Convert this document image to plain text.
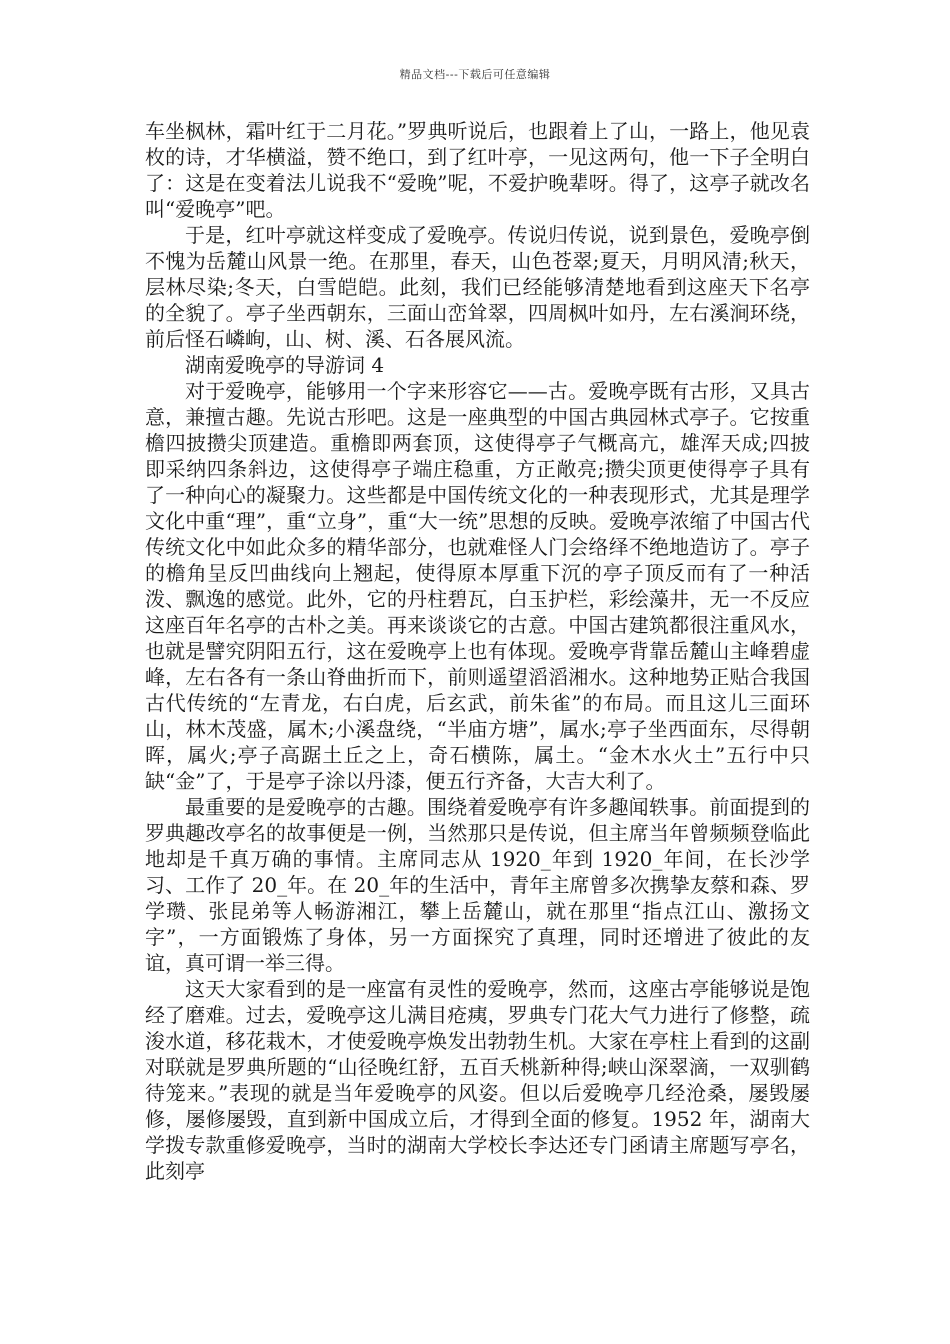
精品文档---下载后可任意编辑

车坐枫林，霜叶红于二月花。”罗典听说后，也跟着上了山，一路上，他见袁枚的诗，才华横溢，赞不绝口，到了红叶亭，一见这两句，他一下子全明白了：这是在变着法儿说我不“爱晚”呢，不爱护晚辈呀。得了，这亭子就改名叫“爱晚亭”吧。

于是，红叶亭就这样变成了爱晚亭。传说归传说，说到景色，爱晚亭倒不愧为岳麓山风景一绝。在那里，春天，山色苍翠;夏天，月明风清;秋天，层林尽染;冬天，白雪皑皑。此刻，我们已经能够清楚地看到这座天下名亭的全貌了。亭子坐西朝东，三面山峦耸翠，四周枫叶如丹，左右溪涧环绕，前后怪石嶙峋，山、树、溪、石各展风流。

湖南爱晚亭的导游词 4

对于爱晚亭，能够用一个字来形容它——古。爱晚亭既有古形，又具古意，兼擅古趣。先说古形吧。这是一座典型的中国古典园林式亭子。它按重檐四披攒尖顶建造。重檐即两套顶，这使得亭子气概高亢，雄浑天成;四披即采纳四条斜边，这使得亭子端庄稳重，方正敞亮;攒尖顶更使得亭子具有了一种向心的凝聚力。这些都是中国传统文化的一种表现形式，尤其是理学文化中重“理”，重“立身”，重“大一统”思想的反映。爱晚亭浓缩了中国古代传统文化中如此众多的精华部分，也就难怪人门会络绎不绝地造访了。亭子的檐角呈反凹曲线向上翘起，使得原本厚重下沉的亭子顶反而有了一种活泼、飘逸的感觉。此外，它的丹柱碧瓦，白玉护栏，彩绘藻井，无一不反应这座百年名亭的古朴之美。再来谈谈它的古意。中国古建筑都很注重风水，也就是譬究阴阳五行，这在爱晚亭上也有体现。爱晚亭背靠岳麓山主峰碧虚峰，左右各有一条山脊曲折而下，前则遥望滔滔湘水。这种地势正贴合我国古代传统的“左青龙，右白虎，后玄武，前朱雀”的布局。而且这儿三面环山，林木茂盛，属木;小溪盘绕，“半庙方塘”，属水;亭子坐西面东，尽得朝晖，属火;亭子高踞土丘之上，奇石横陈，属土。“金木水火土”五行中只缺“金”了，于是亭子涂以丹漆，便五行齐备，大吉大利了。

最重要的是爱晚亭的古趣。围绕着爱晚亭有许多趣闻轶事。前面提到的罗典趣改亭名的故事便是一例，当然那只是传说，但主席当年曾频频登临此地却是千真万确的事情。主席同志从 1920_年到 1920_年间，在长沙学习、工作了 20_年。在 20_年的生活中，青年主席曾多次携挚友蔡和森、罗学瓒、张昆弟等人畅游湘江，攀上岳麓山，就在那里“指点江山、激扬文字”，一方面锻炼了身体，另一方面探究了真理，同时还增进了彼此的友谊，真可谓一举三得。

这天大家看到的是一座富有灵性的爱晚亭，然而，这座古亭能够说是饱经了磨难。过去，爱晚亭这儿满目疮痍，罗典专门花大气力进行了修整，疏浚水道，移花栽木，才使爱晚亭焕发出勃勃生机。大家在亭柱上看到的这副对联就是罗典所题的“山径晚红舒，五百夭桃新种得;峡山深翠滴，一双驯鹤待笼来。”表现的就是当年爱晚亭的风姿。但以后爱晚亭几经沧桑，屡毁屡修，屡修屡毁，直到新中国成立后，才得到全面的修复。1952 年，湖南大学拨专款重修爱晚亭，当时的湖南大学校长李达还专门函请主席题写亭名，此刻亭
